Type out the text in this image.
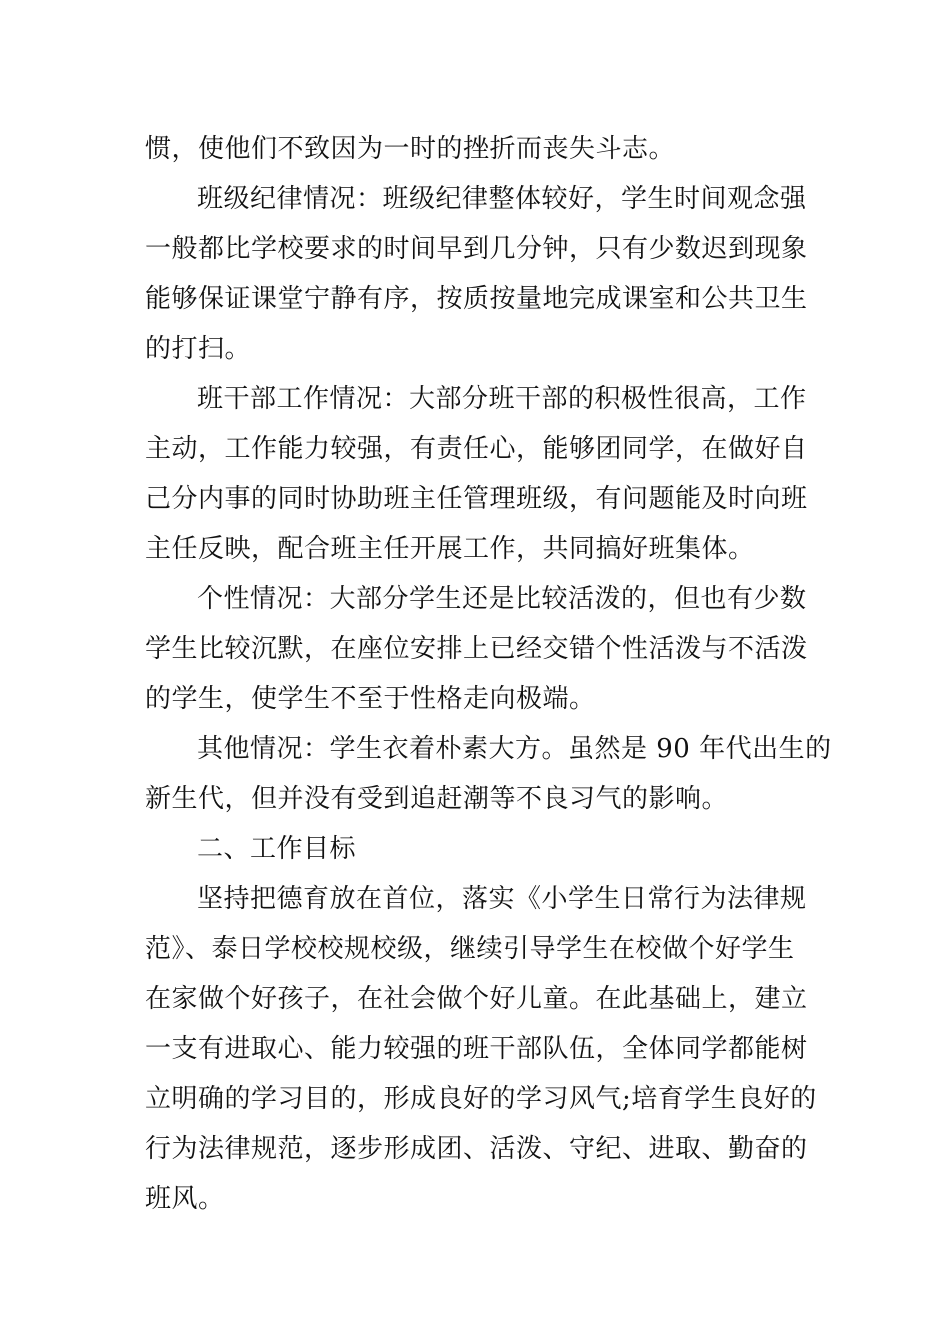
惯，使他们不致因为一时的挫折而丧失斗志。
班级纪律情况：班级纪律整体较好，学生时间观念强
一般都比学校要求的时间早到几分钟，只有少数迟到现象
能够保证课堂宁静有序，按质按量地完成课室和公共卫生
的打扫。
班干部工作情况：大部分班干部的积极性很高，工作
主动，工作能力较强，有责任心，能够团同学，在做好自
己分内事的同时协助班主任管理班级，有问题能及时向班
主任反映，配合班主任开展工作，共同搞好班集体。
个性情况：大部分学生还是比较活泼的，但也有少数
学生比较沉默，在座位安排上已经交错个性活泼与不活泼
的学生，使学生不至于性格走向极端。
其他情况：学生衣着朴素大方。虽然是 90 年代出生的
新生代，但并没有受到追赶潮等不良习气的影响。
二、工作目标
坚持把德育放在首位，落实《小学生日常行为法律规
范》、泰日学校校规校级，继续引导学生在校做个好学生
在家做个好孩子，在社会做个好儿童。在此基础上，建立
一支有进取心、能力较强的班干部队伍，全体同学都能树
立明确的学习目的，形成良好的学习风气;培育学生良好的
行为法律规范，逐步形成团、活泼、守纪、进取、勤奋的
班风。
